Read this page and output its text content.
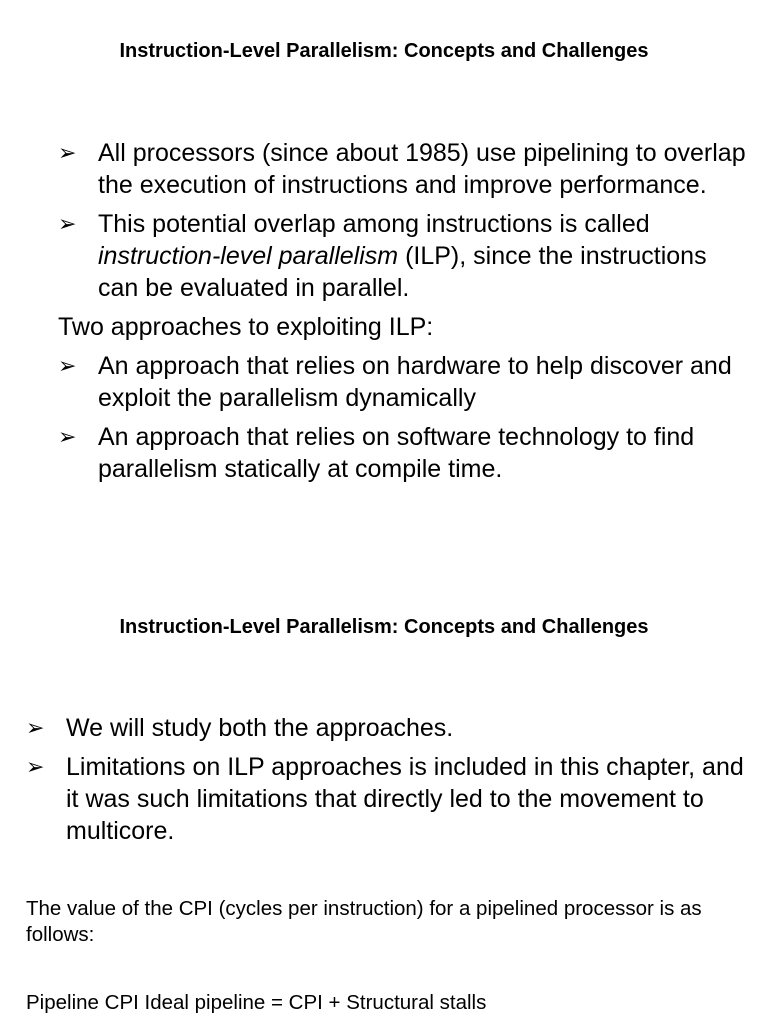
Instruction-Level Parallelism: Concepts and Challenges
➢ All processors (since about 1985) use pipelining to overlap the execution of instructions and improve performance.
➢ This potential overlap among instructions is called instruction-level parallelism (ILP), since the instructions can be evaluated in parallel.
Two approaches to exploiting ILP:
➢ An approach that relies on hardware to help discover and exploit the parallelism dynamically
➢ An approach that relies on software technology to find parallelism statically at compile time.
Instruction-Level Parallelism: Concepts and Challenges
➢ We will study both the approaches.
➢ Limitations on ILP approaches is included in this chapter, and it was such limitations that directly led to the movement to multicore.

The value of the CPI (cycles per instruction) for a pipelined processor is as follows:

Pipeline CPI Ideal pipeline = CPI + Structural stalls
